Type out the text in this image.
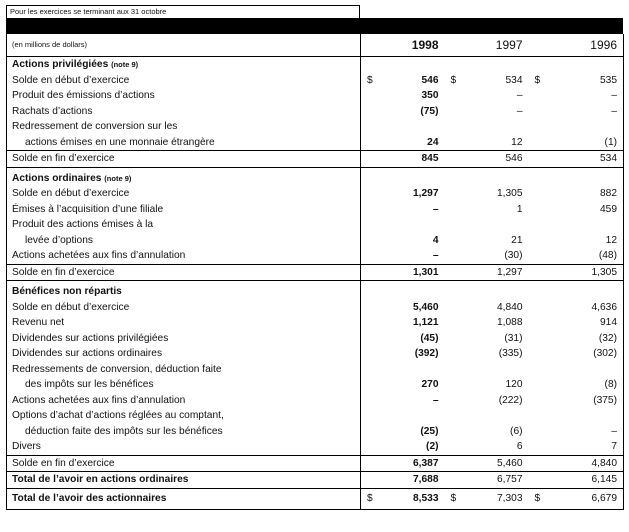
Pour les exercices se terminant aux 31 octobre
(en millions de dollars)		1998		1997		1996
Actions privilégiées (note 9)						
Solde en début d’exercice	$	546	$	534	$	535
Produit des émissions d’actions		350		–		–
Rachats d’actions		(75)		–		–
Redressement de conversion sur les						
actions émises en une monnaie étrangère		24		12		(1)
Solde en fin d’exercice		845		546		534

Actions ordinaires (note 9)						
Solde en début d’exercice		1,297		1,305		882
Émises à l’acquisition d’une filiale		–		1		459
Produit des actions émises à la						
levée d’options		4		21		12
Actions achetées aux fins d’annulation		–		(30)		(48)
Solde en fin d’exercice		1,301		1,297		1,305

Bénéfices non répartis						
Solde en début d’exercice		5,460		4,840		4,636
Revenu net		1,121		1,088		914
Dividendes sur actions privilégiées		(45)		(31)		(32)
Dividendes sur actions ordinaires		(392)		(335)		(302)
Redressements de conversion, déduction faite						
des impôts sur les bénéfices		270		120		(8)
Actions achetées aux fins d’annulation		–		(222)		(375)
Options d’achat d’actions réglées au comptant,						
déduction faite des impôts sur les bénéfices		(25)		(6)		–
Divers		(2)		6		7
Solde en fin d’exercice		6,387		5,460		4,840
Total de l’avoir en actions ordinaires		7,688		6,757		6,145
Total de l’avoir des actionnaires	$	8,533	$	7,303	$	6,679
